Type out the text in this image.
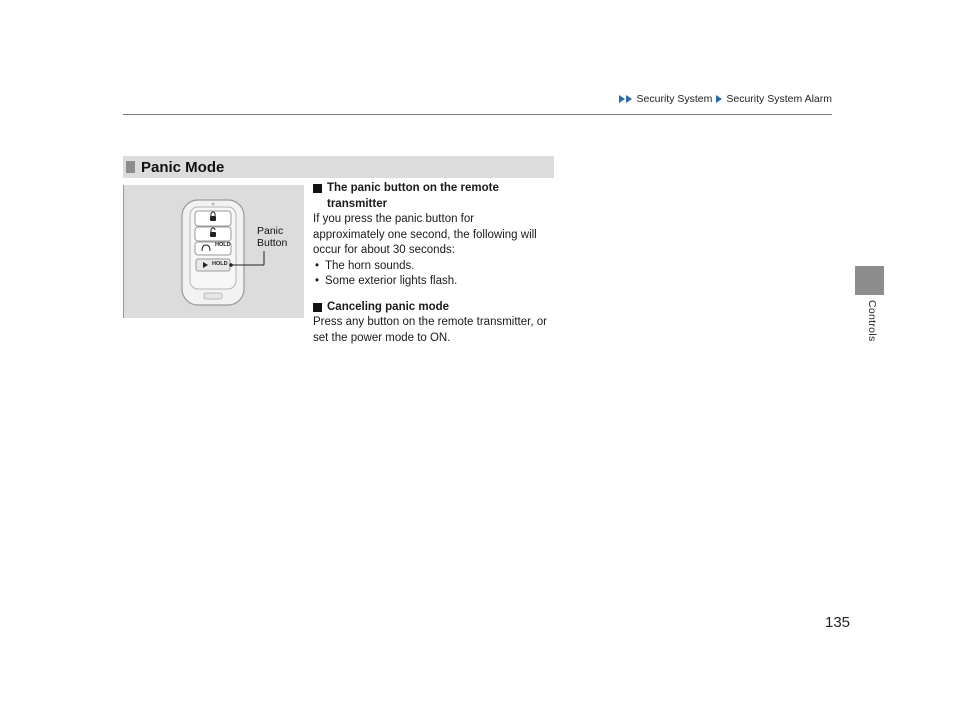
Security System Security System Alarm
Controls
Panic Mode
HOLD
HOLD
Panic
Button
The panic button on the remote
transmitter

If you press the panic button for
approximately one second, the following will
occur for about 30 seconds:

• The horn sounds.
• Some exterior lights flash.
Canceling panic mode

Press any button on the remote transmitter, or
set the power mode to ON.

135
